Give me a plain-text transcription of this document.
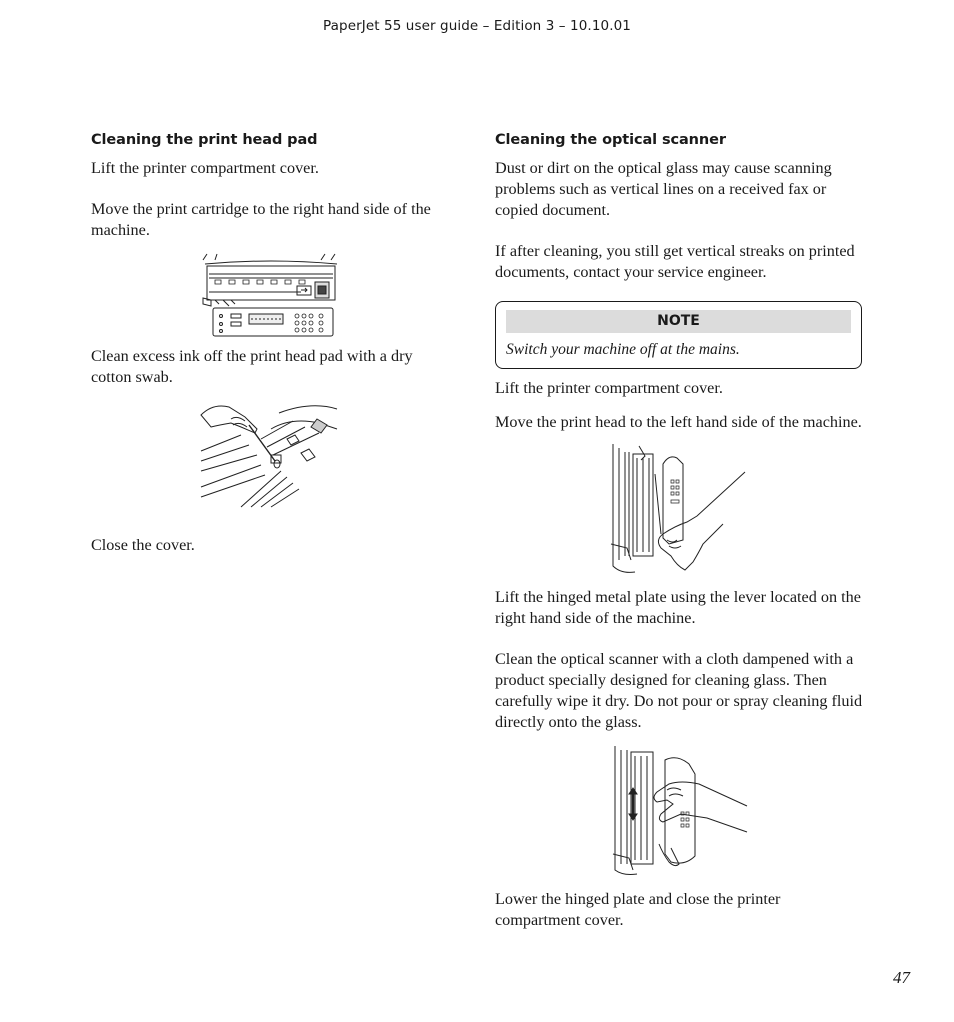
PaperJet 55 user guide – Edition 3 – 10.10.01
Cleaning the print head pad

Lift the printer compartment cover.

Move the print cartridge to the right hand side of the machine.

Clean excess ink off the print head pad with a dry cotton swab.

Close the cover.

Cleaning the optical scanner

Dust or dirt on the optical glass may cause scanning problems such as vertical lines on a received fax or copied document.

If after cleaning, you still get vertical streaks on printed documents, contact your service engineer.

NOTE
Switch your machine off at the mains.

Lift the printer compartment cover.

Move the print head to the left hand side of the machine.

Lift the hinged metal plate using the lever located on the right hand side of the machine.

Clean the optical scanner with a cloth dampened with a product specially designed for cleaning glass. Then carefully wipe it dry. Do not pour or spray cleaning fluid directly onto the glass.

Lower the hinged plate and close the printer compartment cover.

47
